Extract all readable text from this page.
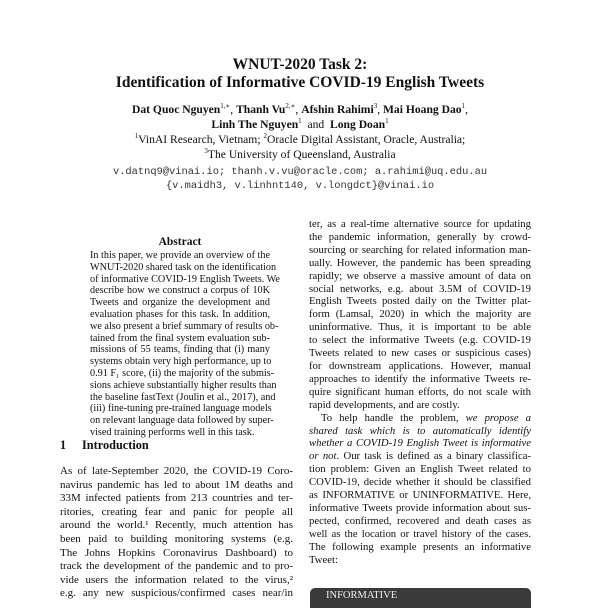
WNUT-2020 Task 2:
Identification of Informative COVID-19 English Tweets
Dat Quoc Nguyen$^{1,∗}$, Thanh $Vu^{2,∗}$, Afshin Rahimi$^3$, Mai Hoang Dao$^1$,
Linh The Nguyen$^1$ and Long Doan$^1$
$^1$VinAI Research, Vietnam; $^2$Oracle Digital Assistant, Oracle, Australia;
$^3$The University of Queensland, Australia
v.datnq9@vinai.io; thanh.v.vu@oracle.com; a.rahimi@uq.edu.au
{v.maidh3, v.linhnt140, v.longdct}@vinai.io
Abstract
In this paper, we provide an overview of the
WNUT-2020 shared task on the identification
of informative COVID-19 English Tweets. We
describe how we construct a corpus of 10K
Tweets and organize the development and
evaluation phases for this task. In addition,
we also present a brief summary of results ob-
tained from the final system evaluation sub-
missions of 55 teams, finding that (i) many
systems obtain very high performance, up to
0.91 F₁ score, (ii) the majority of the submis-
sions achieve substantially higher results than
the baseline fastText (Joulin et al., 2017), and
(iii) fine-tuning pre-trained language models
on relevant language data followed by super-
vised training performs well in this task.
1 Introduction
As of late-September 2020, the COVID-19 Coro-
navirus pandemic has led to about 1M deaths and
33M infected patients from 213 countries and ter-
ritories, creating fear and panic for people all
around the world.¹ Recently, much attention has
been paid to building monitoring systems (e.g.
The Johns Hopkins Coronavirus Dashboard) to
track the development of the pandemic and to pro-
vide users the information related to the virus,²
e.g. any new suspicious/confirmed cases near/in
ter, as a real-time alternative source for updating
the pandemic information, generally by crowd-
sourcing or searching for related information man-
ually. However, the pandemic has been spreading
rapidly; we observe a massive amount of data on
social networks, e.g. about 3.5M of COVID-19
English Tweets posted daily on the Twitter plat-
form (Lamsal, 2020) in which the majority are
uninformative. Thus, it is important to be able
to select the informative Tweets (e.g. COVID-19
Tweets related to new cases or suspicious cases)
for downstream applications. However, manual
approaches to identify the informative Tweets re-
quire significant human efforts, do not scale with
rapid developments, and are costly.
To help handle the problem, we propose a
shared task which is to automatically identify
whether a COVID-19 English Tweet is informative
or not. Our task is defined as a binary classifica-
tion problem: Given an English Tweet related to
COVID-19, decide whether it should be classified
as INFORMATIVE or UNINFORMATIVE. Here,
informative Tweets provide information about sus-
pected, confirmed, recovered and death cases as
well as the location or travel history of the cases.
The following example presents an informative
Tweet:
INFORMATIVE
